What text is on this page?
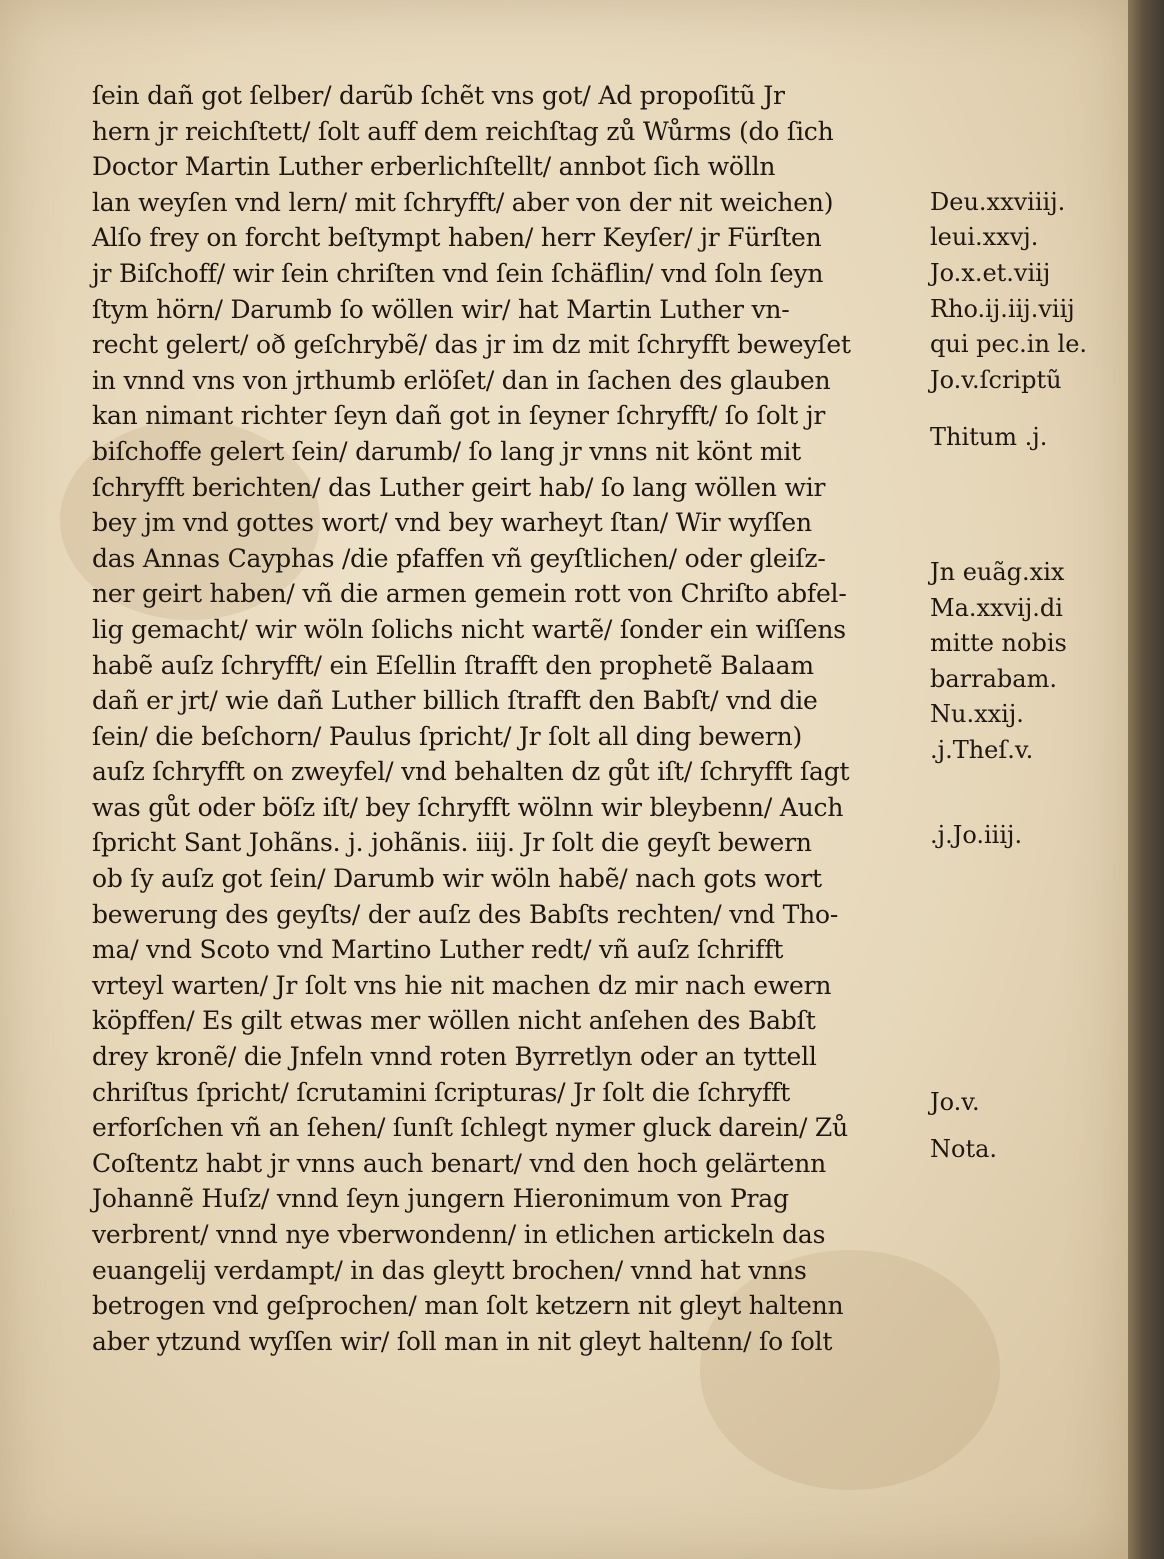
ſein dañ got ſelber/ darũb ſchẽt vns got/ Ad propoſitũ Jr
hern jr reichſtett/ ſolt auff dem reichſtag zů Wůrms (do ſich
Doctor Martin Luther erberlichſtellt/ annbot ſich wölln
lan weyſen vnd lern/ mit ſchryfft/ aber von der nit weichen)
Alſo frey on forcht beſtympt haben/ herr Keyſer/ jr Fürſten
jr Biſchoff/ wir ſein chriſten vnd ſein ſchäflin/ vnd ſoln ſeyn
ſtym hörn/ Darumb ſo wöllen wir/ hat Martin Luther vn-
recht gelert/ oð geſchrybẽ/ das jr im dz mit ſchryfft beweyſet
in vnnd vns von jrthumb erlöſet/ dan in ſachen des glauben
kan nimant richter ſeyn dañ got in ſeyner ſchryfft/ ſo ſolt jr
biſchoffe gelert ſein/ darumb/ ſo lang jr vnns nit könt mit
ſchryfft berichten/ das Luther geirt hab/ ſo lang wöllen wir
bey jm vnd gottes wort/ vnd bey warheyt ſtan/ Wir wyſſen
das Annas Cayphas /die pfaffen vñ geyſtlichen/ oder gleiſz-
ner geirt haben/ vñ die armen gemein rott von Chriſto abfel-
lig gemacht/ wir wöln ſolichs nicht wartẽ/ ſonder ein wiſſens
habẽ auſz ſchryfft/ ein Eſellin ſtrafft den prophetẽ Balaam
dañ er jrt/ wie dañ Luther billich ſtrafft den Babſt/ vnd die
ſein/ die beſchorn/ Paulus ſpricht/ Jr ſolt all ding bewern)
auſz ſchryfft on zweyfel/ vnd behalten dz gůt iſt/ ſchryfft ſagt
was gůt oder böſz iſt/ bey ſchryfft wölnn wir bleybenn/ Auch
ſpricht Sant Johãns. j. johãnis. iiij. Jr ſolt die geyſt bewern
ob ſy auſz got ſein/ Darumb wir wöln habẽ/ nach gots wort
bewerung des geyſts/ der auſz des Babſts rechten/ vnd Tho-
ma/ vnd Scoto vnd Martino Luther redt/ vñ auſz ſchrifft
vrteyl warten/ Jr ſolt vns hie nit machen dz mir nach ewern
köpffen/ Es gilt etwas mer wöllen nicht anſehen des Babſt
drey kronẽ/ die Jnfeln vnnd roten Byrretlyn oder an tyttell
chriſtus ſpricht/ ſcrutamini ſcripturas/ Jr ſolt die ſchryfft
erforſchen vñ an ſehen/ ſunſt ſchlegt nymer gluck darein/ Zů
Coſtentz habt jr vnns auch benart/ vnd den hoch gelärtenn
Johannẽ Huſz/ vnnd ſeyn jungern Hieronimum von Prag
verbrent/ vnnd nye vberwondenn/ in etlichen artickeln das
euangelij verdampt/ in das gleytt brochen/ vnnd hat vnns
betrogen vnd geſprochen/ man ſolt ketzern nit gleyt haltenn
aber ytzund wyſſen wir/ ſoll man in nit gleyt haltenn/ ſo ſolt
Deu.xxviiij.
leui.xxvj.
Jo.x.et.viij
Rho.ij.iij.viij
qui pec.in le.
Jo.v.ſcriptũ
Thitum .j.
Jn euãg.xix
Ma.xxvij.di
mitte nobis
barrabam.
Nu.xxij.
.j.Theſ.v.
.j.Jo.iiij.
Jo.v.
Nota.
